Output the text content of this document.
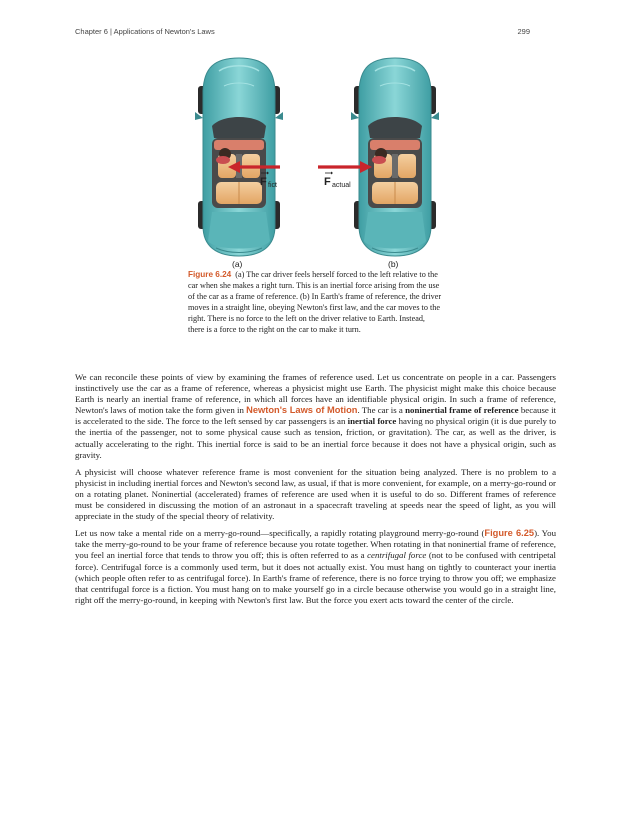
Chapter 6 | Applications of Newton's Laws	299
F fict	F actual
(a)	(b)
Figure 6.24 (a) The car driver feels herself forced to the left relative to the car when she makes a right turn. This is an inertial force arising from the use of the car as a frame of reference. (b) In Earth's frame of reference, the driver moves in a straight line, obeying Newton's first law, and the car moves to the right. There is no force to the left on the driver relative to Earth. Instead, there is a force to the right on the car to make it turn.

We can reconcile these points of view by examining the frames of reference used. Let us concentrate on people in a car. Passengers instinctively use the car as a frame of reference, whereas a physicist might use Earth. The physicist might make this choice because Earth is nearly an inertial frame of reference, in which all forces have an identifiable physical origin. In such a frame of reference, Newton's laws of motion take the form given in Newton's Laws of Motion. The car is a noninertial frame of reference because it is accelerated to the side. The force to the left sensed by car passengers is an inertial force having no physical origin (it is due purely to the inertia of the passenger, not to some physical cause such as tension, friction, or gravitation). The car, as well as the driver, is actually accelerating to the right. This inertial force is said to be an inertial force because it does not have a physical origin, such as gravity.

A physicist will choose whatever reference frame is most convenient for the situation being analyzed. There is no problem to a physicist in including inertial forces and Newton's second law, as usual, if that is more convenient, for example, on a merry-go-round or on a rotating planet. Noninertial (accelerated) frames of reference are used when it is useful to do so. Different frames of reference must be considered in discussing the motion of an astronaut in a spacecraft traveling at speeds near the speed of light, as you will appreciate in the study of the special theory of relativity.

Let us now take a mental ride on a merry-go-round—specifically, a rapidly rotating playground merry-go-round (Figure 6.25). You take the merry-go-round to be your frame of reference because you rotate together. When rotating in that noninertial frame of reference, you feel an inertial force that tends to throw you off; this is often referred to as a centrifugal force (not to be confused with centripetal force). Centrifugal force is a commonly used term, but it does not actually exist. You must hang on tightly to counteract your inertia (which people often refer to as centrifugal force). In Earth's frame of reference, there is no force trying to throw you off; we emphasize that centrifugal force is a fiction. You must hang on to make yourself go in a circle because otherwise you would go in a straight line, right off the merry-go-round, in keeping with Newton's first law. But the force you exert acts toward the center of the circle.
